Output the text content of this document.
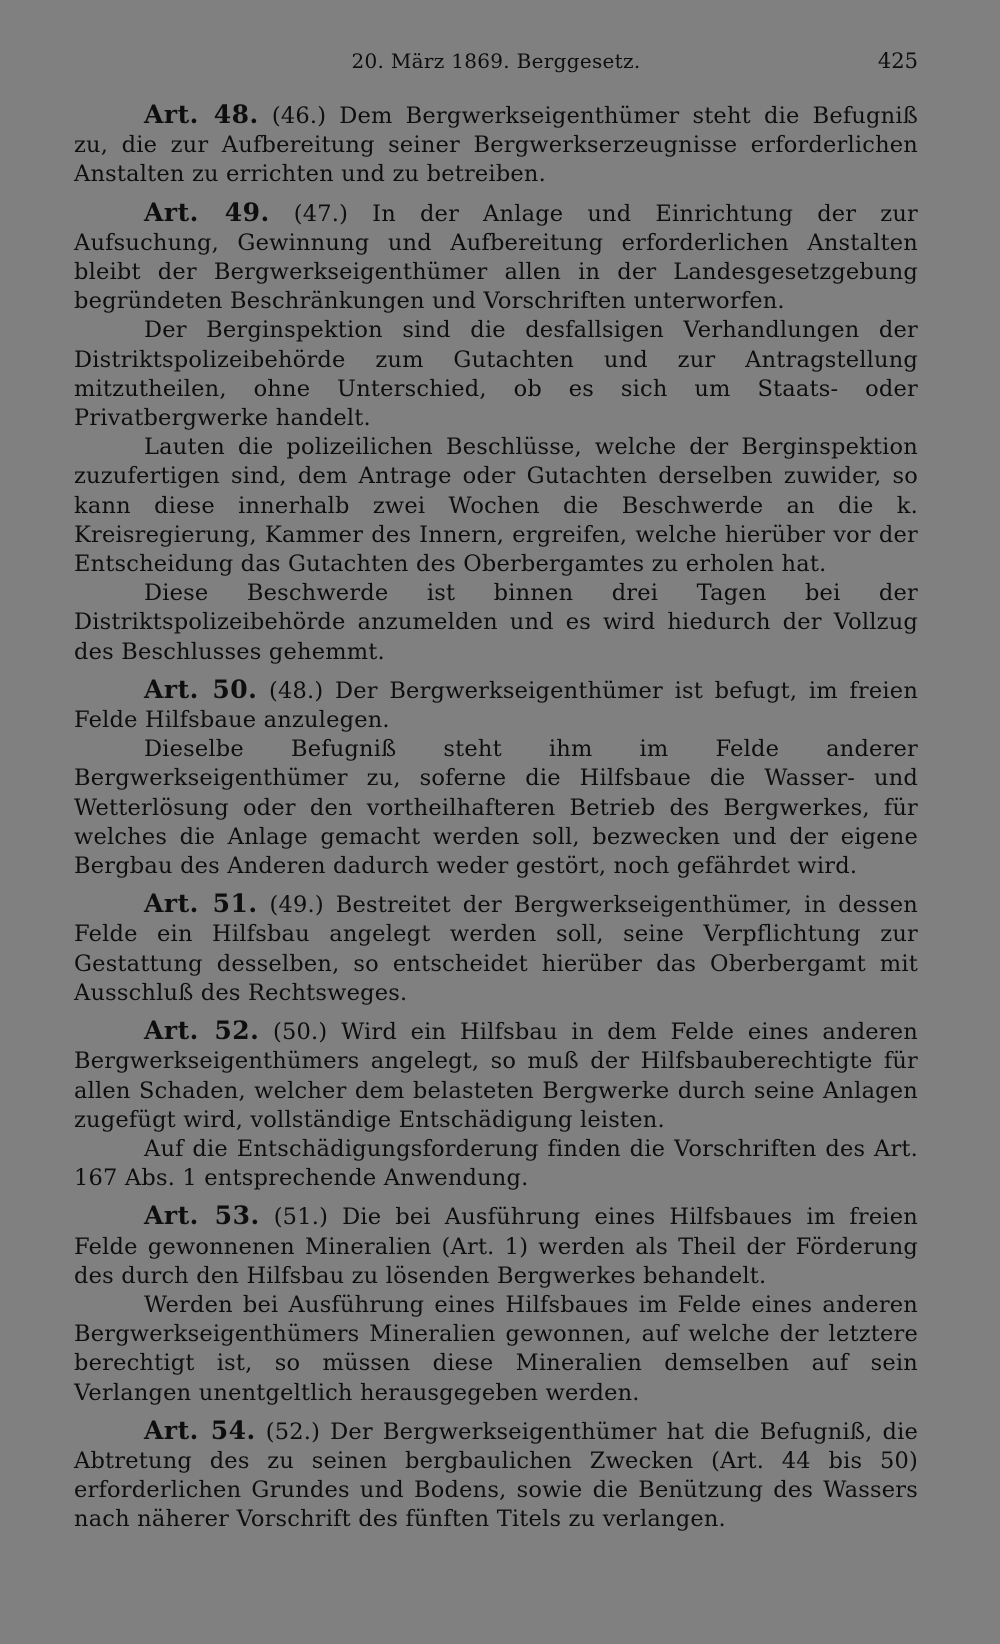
20. März 1869. Berggesetz.	425

Art. 48. (46.) Dem Bergwerkseigenthümer steht die Befugniß zu, die zur Aufbereitung seiner Bergwerkserzeugnisse erforderlichen Anstalten zu errichten und zu betreiben.

Art. 49. (47.) In der Anlage und Einrichtung der zur Aufsuchung, Gewinnung und Aufbereitung erforderlichen Anstalten bleibt der Bergwerkseigenthümer allen in der Landesgesetzgebung begründeten Beschränkungen und Vorschriften unterworfen.

Der Berginspektion sind die desfallsigen Verhandlungen der Distriktspolizeibehörde zum Gutachten und zur Antragstellung mitzutheilen, ohne Unterschied, ob es sich um Staats- oder Privatbergwerke handelt.

Lauten die polizeilichen Beschlüsse, welche der Berginspektion zuzufertigen sind, dem Antrage oder Gutachten derselben zuwider, so kann diese innerhalb zwei Wochen die Beschwerde an die k. Kreisregierung, Kammer des Innern, ergreifen, welche hierüber vor der Entscheidung das Gutachten des Oberbergamtes zu erholen hat.

Diese Beschwerde ist binnen drei Tagen bei der Distriktspolizeibehörde anzumelden und es wird hiedurch der Vollzug des Beschlusses gehemmt.

Art. 50. (48.) Der Bergwerkseigenthümer ist befugt, im freien Felde Hilfsbaue anzulegen.

Dieselbe Befugniß steht ihm im Felde anderer Bergwerkseigenthümer zu, soferne die Hilfsbaue die Wasser- und Wetterlösung oder den vortheilhafteren Betrieb des Bergwerkes, für welches die Anlage gemacht werden soll, bezwecken und der eigene Bergbau des Anderen dadurch weder gestört, noch gefährdet wird.

Art. 51. (49.) Bestreitet der Bergwerkseigenthümer, in dessen Felde ein Hilfsbau angelegt werden soll, seine Verpflichtung zur Gestattung desselben, so entscheidet hierüber das Oberbergamt mit Ausschluß des Rechtsweges.

Art. 52. (50.) Wird ein Hilfsbau in dem Felde eines anderen Bergwerkseigenthümers angelegt, so muß der Hilfsbauberechtigte für allen Schaden, welcher dem belasteten Bergwerke durch seine Anlagen zugefügt wird, vollständige Entschädigung leisten.

Auf die Entschädigungsforderung finden die Vorschriften des Art. 167 Abs. 1 entsprechende Anwendung.

Art. 53. (51.) Die bei Ausführung eines Hilfsbaues im freien Felde gewonnenen Mineralien (Art. 1) werden als Theil der Förderung des durch den Hilfsbau zu lösenden Bergwerkes behandelt.

Werden bei Ausführung eines Hilfsbaues im Felde eines anderen Bergwerkseigenthümers Mineralien gewonnen, auf welche der letztere berechtigt ist, so müssen diese Mineralien demselben auf sein Verlangen unentgeltlich herausgegeben werden.

Art. 54. (52.) Der Bergwerkseigenthümer hat die Befugniß, die Abtretung des zu seinen bergbaulichen Zwecken (Art. 44 bis 50) erforderlichen Grundes und Bodens, sowie die Benützung des Wassers nach näherer Vorschrift des fünften Titels zu verlangen.
